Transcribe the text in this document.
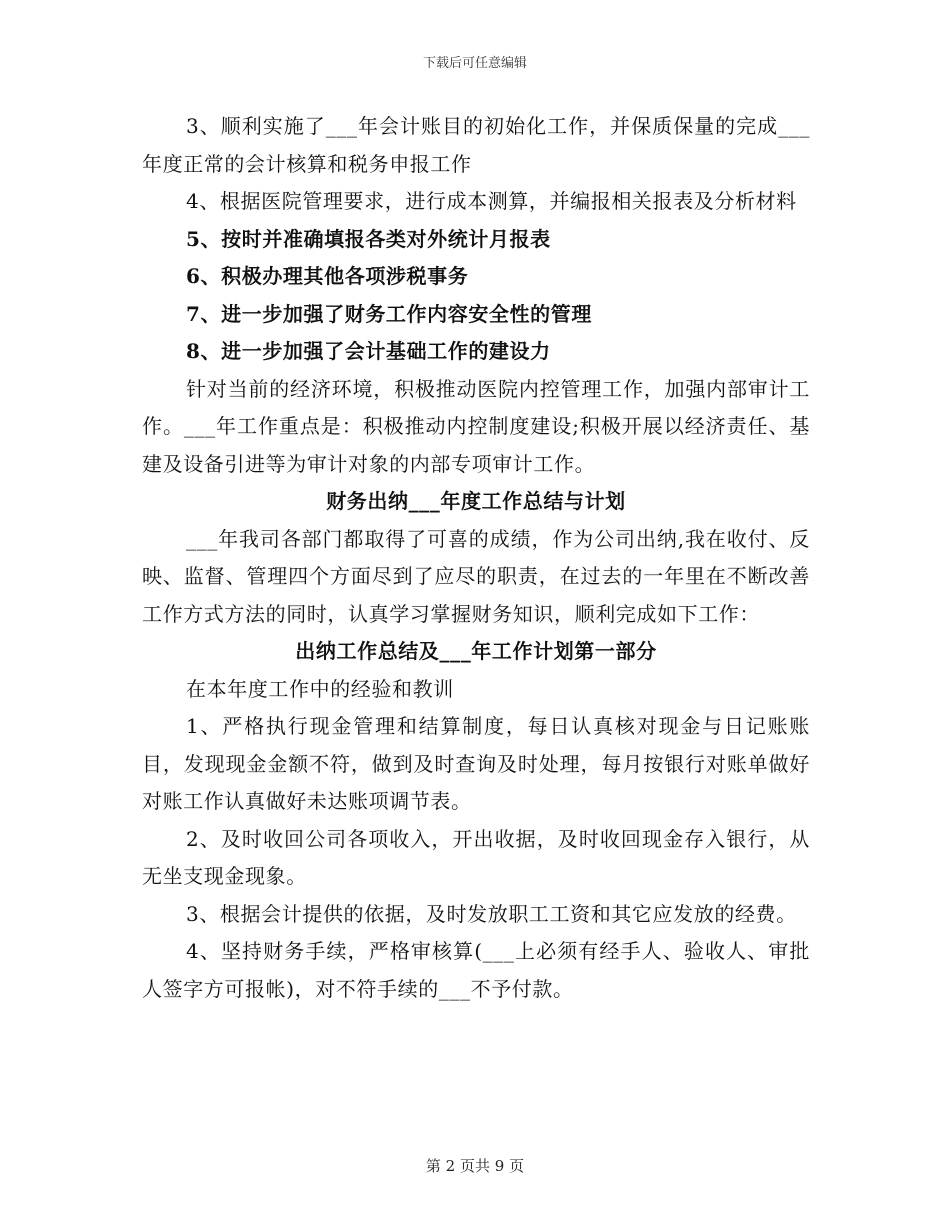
下载后可任意编辑

3、顺利实施了___年会计账目的初始化工作，并保质保量的完成___年度正常的会计核算和税务申报工作

4、根据医院管理要求，进行成本测算，并编报相关报表及分析材料

5、按时并准确填报各类对外统计月报表

6、积极办理其他各项涉税事务

7、进一步加强了财务工作内容安全性的管理

8、进一步加强了会计基础工作的建设力

针对当前的经济环境，积极推动医院内控管理工作，加强内部审计工作。___年工作重点是：积极推动内控制度建设;积极开展以经济责任、基建及设备引进等为审计对象的内部专项审计工作。

财务出纳___年度工作总结与计划

___年我司各部门都取得了可喜的成绩，作为公司出纳,我在收付、反映、监督、管理四个方面尽到了应尽的职责，在过去的一年里在不断改善工作方式方法的同时，认真学习掌握财务知识，顺利完成如下工作：

出纳工作总结及___年工作计划第一部分

在本年度工作中的经验和教训

1、严格执行现金管理和结算制度，每日认真核对现金与日记账账目，发现现金金额不符，做到及时查询及时处理，每月按银行对账单做好对账工作认真做好未达账项调节表。

2、及时收回公司各项收入，开出收据，及时收回现金存入银行，从无坐支现金现象。

3、根据会计提供的依据，及时发放职工工资和其它应发放的经费。

4、坚持财务手续，严格审核算(___上必须有经手人、验收人、审批人签字方可报帐)，对不符手续的___不予付款。

第 2 页共 9 页
